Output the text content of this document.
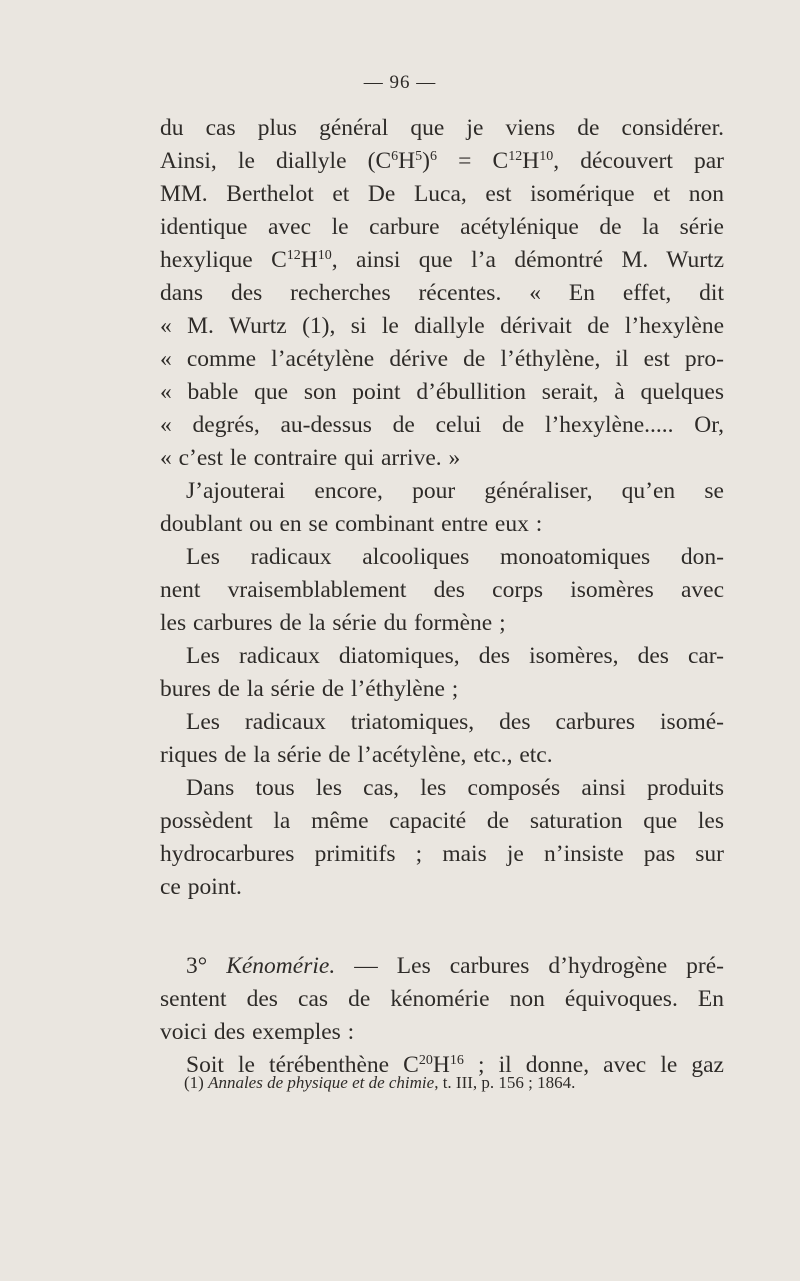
— 96 —
du cas plus général que je viens de considérer.
Ainsi, le diallyle $(C^6H^5)^6 = C^{12}H^{10}$, découvert par
MM. Berthelot et De Luca, est isomérique et non
identique avec le carbure acétylénique de la série
hexylique $C^{12}H^{10}$, ainsi que l’a démontré M. Wurtz
dans des recherches récentes. « En effet, dit
« M. Wurtz (1), si le diallyle dérivait de l’hexylène
« comme l’acétylène dérive de l’éthylène, il est pro-
« bable que son point d’ébullition serait, à quelques
« degrés, au-dessus de celui de l’hexylène..... Or,
« c’est le contraire qui arrive. »
J’ajouterai encore, pour généraliser, qu’en se
doublant ou en se combinant entre eux :
Les radicaux alcooliques monoatomiques don-
nent vraisemblablement des corps isomères avec
les carbures de la série du formène ;
Les radicaux diatomiques, des isomères, des car-
bures de la série de l’éthylène ;
Les radicaux triatomiques, des carbures isomé-
riques de la série de l’acétylène, etc., etc.
Dans tous les cas, les composés ainsi produits
possèdent la même capacité de saturation que les
hydrocarbures primitifs ; mais je n’insiste pas sur
ce point.
3° Kénomérie. — Les carbures d’hydrogène pré-
sentent des cas de kénomérie non équivoques. En
voici des exemples :
Soit le térébenthène $C^{20}H^{16}$ ; il donne, avec le gaz
(1) Annales de physique et de chimie, t. III, p. 156 ; 1864.
